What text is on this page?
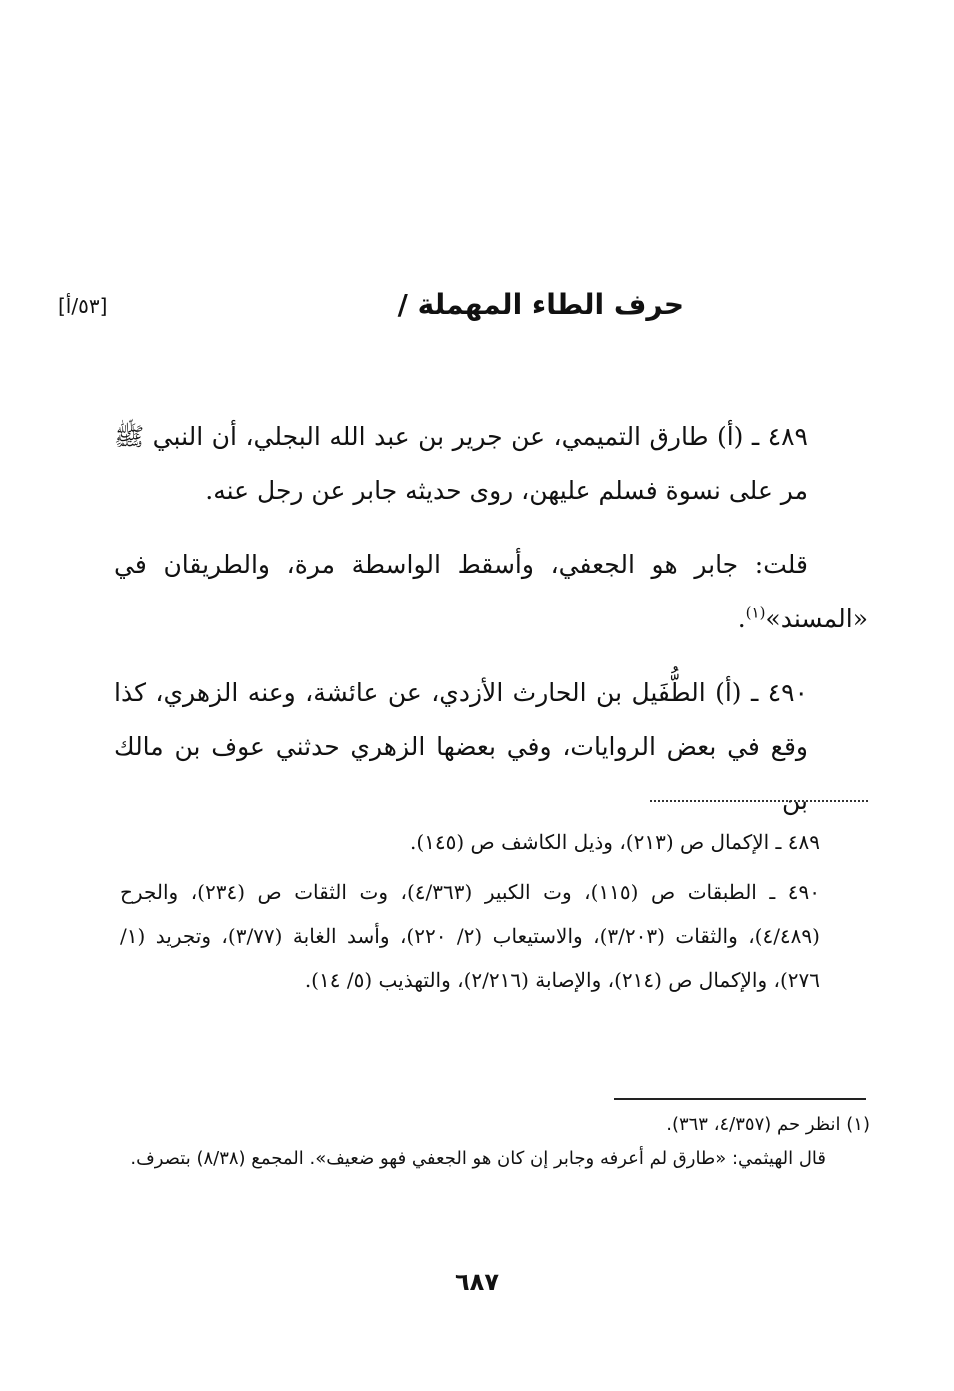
[٥٣/أ]	حرف الطاء المهملة /

٤٨٩ ـ (أ) طارق التميمي، عن جرير بن عبد الله البجلي، أن النبي ﷺ مر على نسوة فسلم عليهن، روى حديثه جابر عن رجل عنه.

قلت: جابر هو الجعفي، وأسقط الواسطة مرة، والطريقان في «المسند»$^{(١)}$.

٤٩٠ ـ (أ) الطُّفَيل بن الحارث الأزدي، عن عائشة، وعنه الزهري، كذا وقع في بعض الروايات، وفي بعضها الزهري حدثني عوف بن مالك بن

٤٨٩ ـ الإكمال ص (٢١٣)، وذيل الكاشف ص (١٤٥).

٤٩٠ ـ الطبقات ص (١١٥)، وت الكبير (٤/٣٦٣)، وت الثقات ص (٢٣٤)، والجرح (٤/٤٨٩)، والثقات (٣/٢٠٣)، والاستيعاب (٢/ ٢٢٠)، وأسد الغابة (٣/٧٧)، وتجريد (١/ ٢٧٦)، والإكمال ص (٢١٤)، والإصابة (٢/٢١٦)، والتهذيب (٥/ ١٤).

(١) انظر حم (٤/٣٥٧، ٣٦٣).

قال الهيثمي: «طارق لم أعرفه وجابر إن كان هو الجعفي فهو ضعيف». المجمع (٨/٣٨) بتصرف.

٦٨٧
